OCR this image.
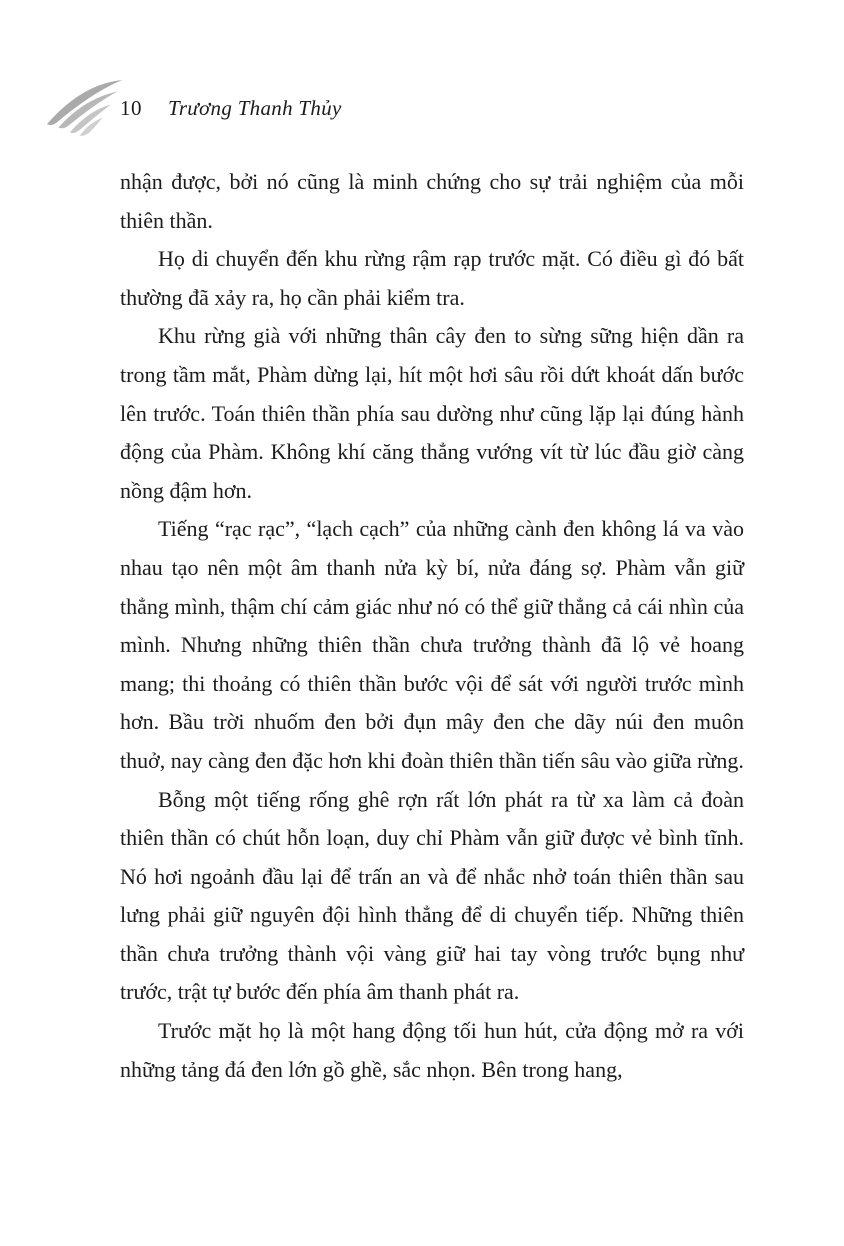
10 Trương Thanh Thủy

nhận được, bởi nó cũng là minh chứng cho sự trải nghiệm của mỗi thiên thần.

Họ di chuyển đến khu rừng rậm rạp trước mặt. Có điều gì đó bất thường đã xảy ra, họ cần phải kiểm tra.

Khu rừng già với những thân cây đen to sừng sững hiện dần ra trong tầm mắt, Phàm dừng lại, hít một hơi sâu rồi dứt khoát dấn bước lên trước. Toán thiên thần phía sau dường như cũng lặp lại đúng hành động của Phàm. Không khí căng thẳng vướng vít từ lúc đầu giờ càng nồng đậm hơn.

Tiếng “rạc rạc”, “lạch cạch” của những cành đen không lá va vào nhau tạo nên một âm thanh nửa kỳ bí, nửa đáng sợ. Phàm vẫn giữ thẳng mình, thậm chí cảm giác như nó có thể giữ thẳng cả cái nhìn của mình. Nhưng những thiên thần chưa trưởng thành đã lộ vẻ hoang mang; thi thoảng có thiên thần bước vội để sát với người trước mình hơn. Bầu trời nhuốm đen bởi đụn mây đen che dãy núi đen muôn thuở, nay càng đen đặc hơn khi đoàn thiên thần tiến sâu vào giữa rừng.

Bỗng một tiếng rống ghê rợn rất lớn phát ra từ xa làm cả đoàn thiên thần có chút hỗn loạn, duy chỉ Phàm vẫn giữ được vẻ bình tĩnh. Nó hơi ngoảnh đầu lại để trấn an và để nhắc nhở toán thiên thần sau lưng phải giữ nguyên đội hình thẳng để di chuyển tiếp. Những thiên thần chưa trưởng thành vội vàng giữ hai tay vòng trước bụng như trước, trật tự bước đến phía âm thanh phát ra.

Trước mặt họ là một hang động tối hun hút, cửa động mở ra với những tảng đá đen lớn gồ ghề, sắc nhọn. Bên trong hang,
